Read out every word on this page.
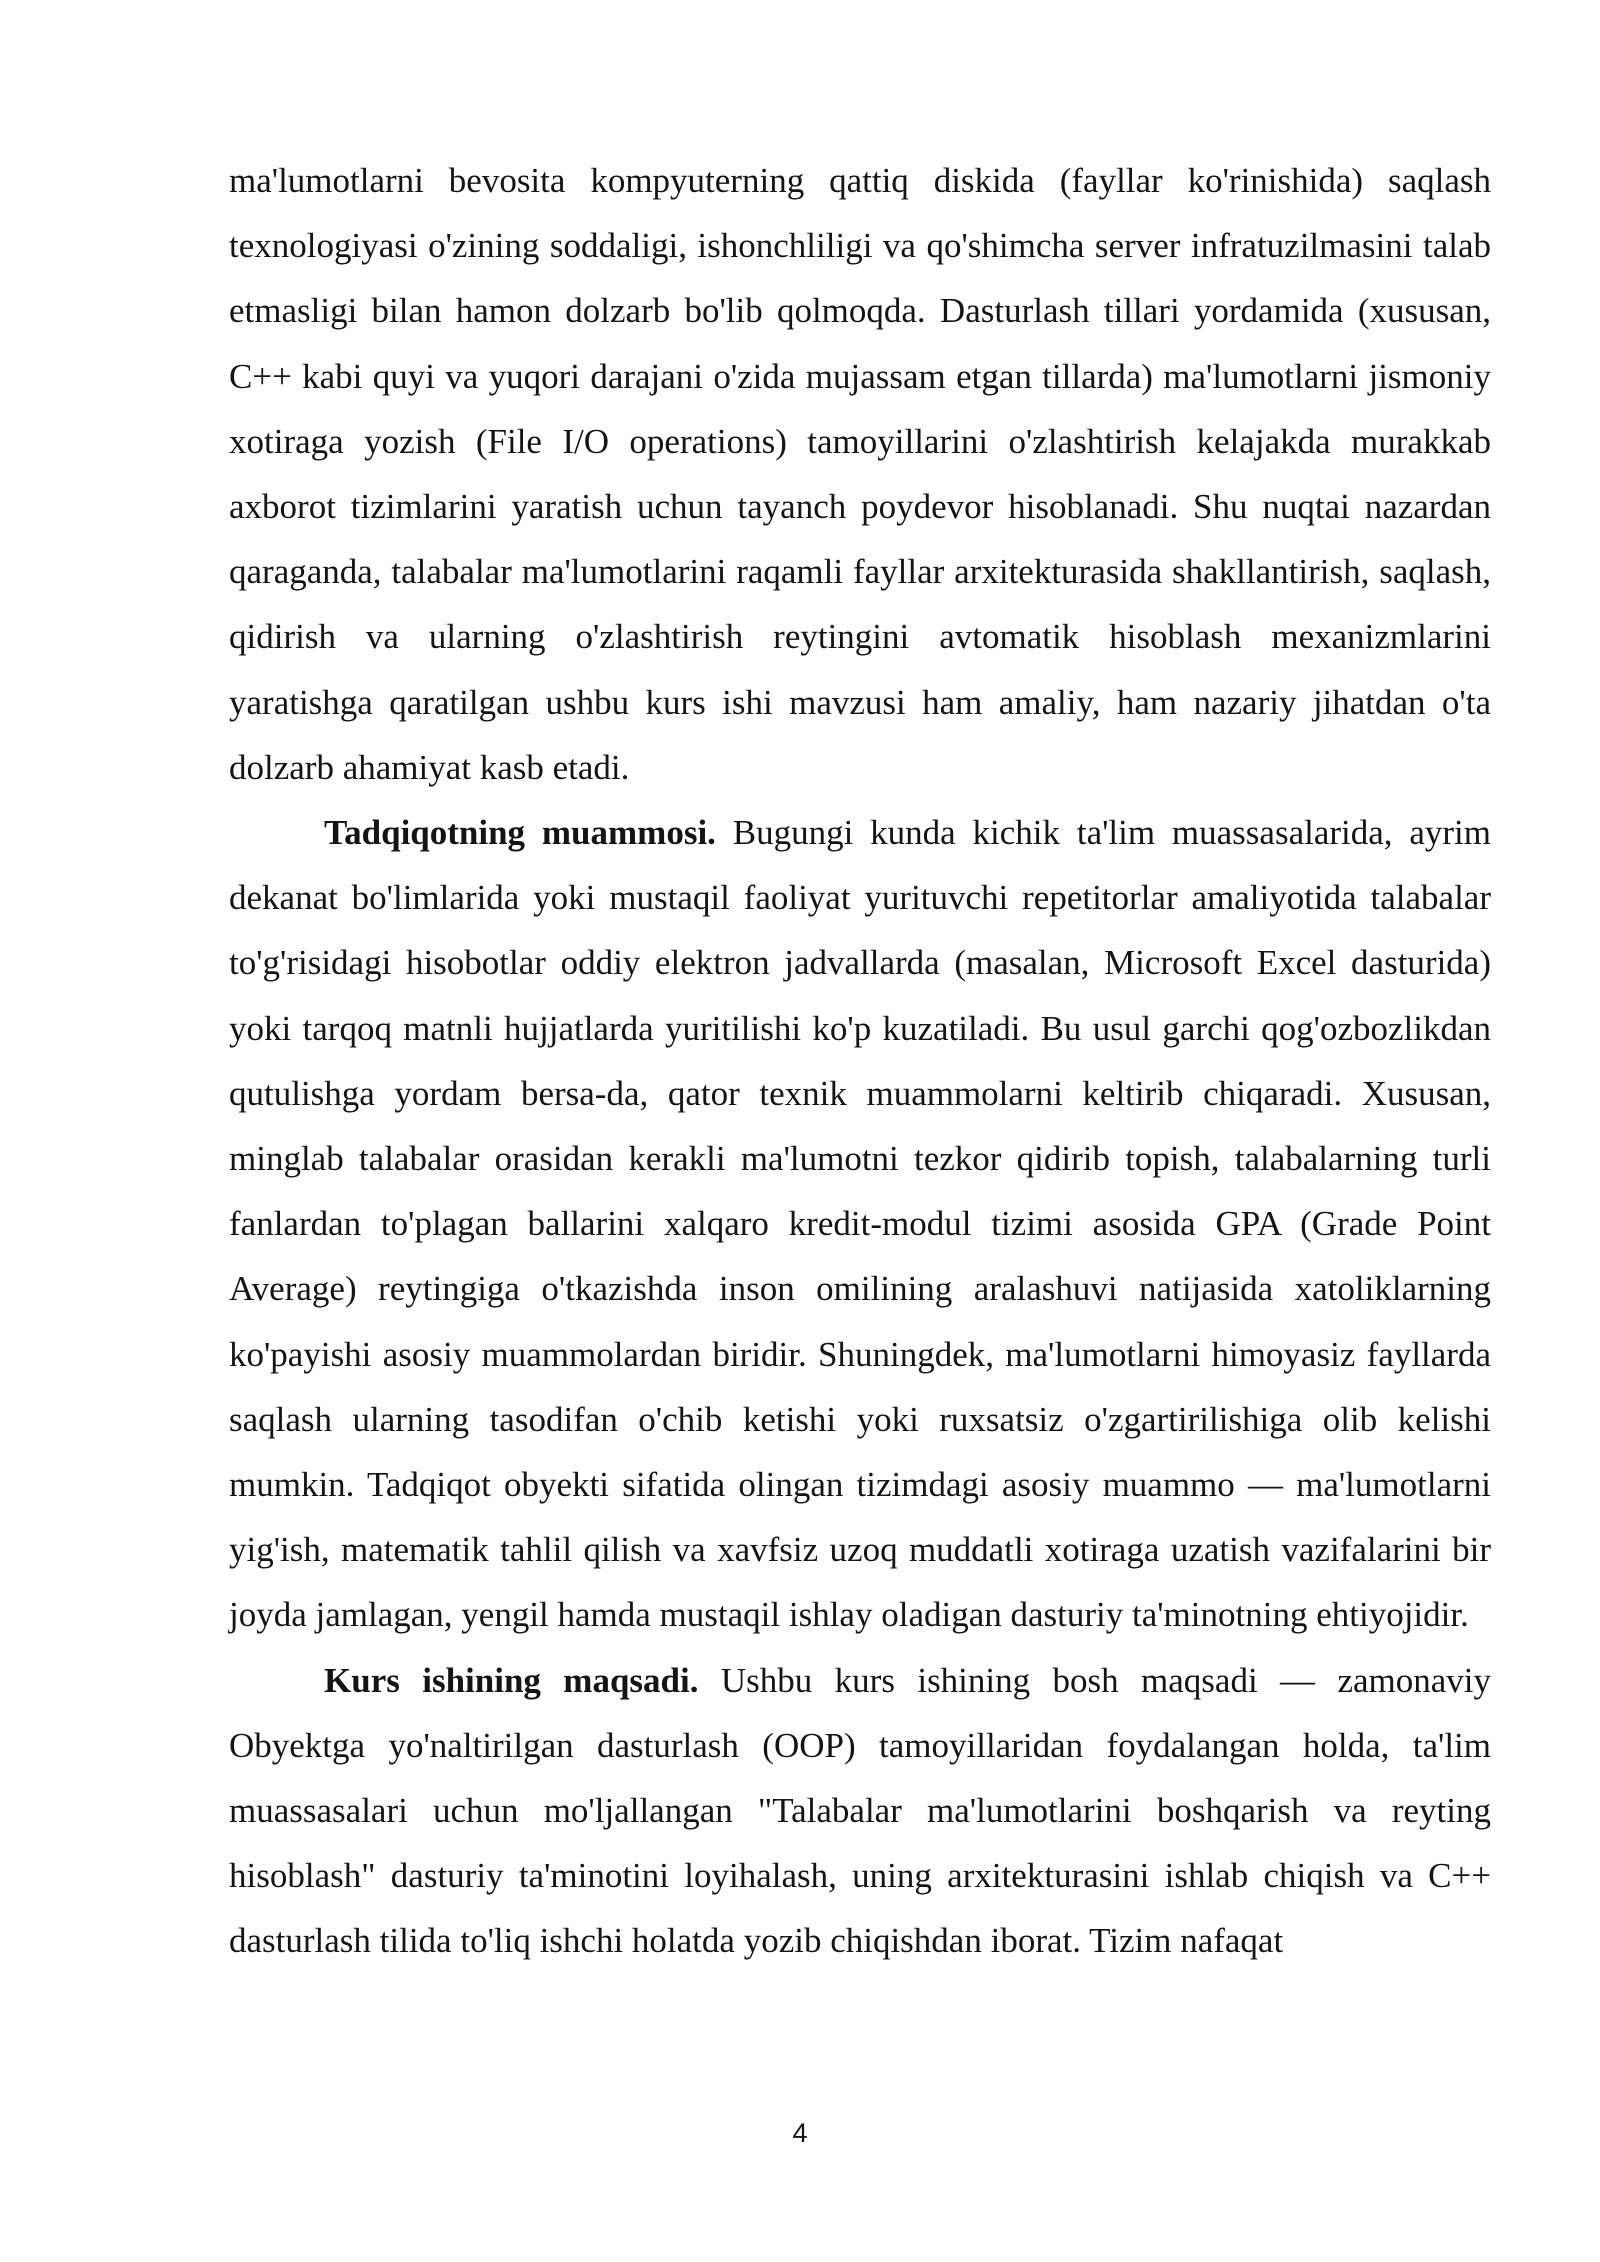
ma'lumotlarni bevosita kompyuterning qattiq diskida (fayllar ko'rinishida) saqlash texnologiyasi o'zining soddaligi, ishonchliligi va qo'shimcha server infratuzilmasini talab etmasligi bilan hamon dolzarb bo'lib qolmoqda. Dasturlash tillari yordamida (xususan, C++ kabi quyi va yuqori darajani o'zida mujassam etgan tillarda) ma'lumotlarni jismoniy xotiraga yozish (File I/O operations) tamoyillarini o'zlashtirish kelajakda murakkab axborot tizimlarini yaratish uchun tayanch poydevor hisoblanadi. Shu nuqtai nazardan qaraganda, talabalar ma'lumotlarini raqamli fayllar arxitekturasida shakllantirish, saqlash, qidirish va ularning o'zlashtirish reytingini avtomatik hisoblash mexanizmlarini yaratishga qaratilgan ushbu kurs ishi mavzusi ham amaliy, ham nazariy jihatdan o'ta dolzarb ahamiyat kasb etadi.

Tadqiqotning muammosi. Bugungi kunda kichik ta'lim muassasalarida, ayrim dekanat bo'limlarida yoki mustaqil faoliyat yurituvchi repetitorlar amaliyotida talabalar to'g'risidagi hisobotlar oddiy elektron jadvallarda (masalan, Microsoft Excel dasturida) yoki tarqoq matnli hujjatlarda yuritilishi ko'p kuzatiladi. Bu usul garchi qog'ozbozlikdan qutulishga yordam bersa-da, qator texnik muammolarni keltirib chiqaradi. Xususan, minglab talabalar orasidan kerakli ma'lumotni tezkor qidirib topish, talabalarning turli fanlardan to'plagan ballarini xalqaro kredit-modul tizimi asosida GPA (Grade Point Average) reytingiga o'tkazishda inson omilining aralashuvi natijasida xatoliklarning ko'payishi asosiy muammolardan biridir. Shuningdek, ma'lumotlarni himoyasiz fayllarda saqlash ularning tasodifan o'chib ketishi yoki ruxsatsiz o'zgartirilishiga olib kelishi mumkin. Tadqiqot obyekti sifatida olingan tizimdagi asosiy muammo — ma'lumotlarni yig'ish, matematik tahlil qilish va xavfsiz uzoq muddatli xotiraga uzatish vazifalarini bir joyda jamlagan, yengil hamda mustaqil ishlay oladigan dasturiy ta'minotning ehtiyojidir.

Kurs ishining maqsadi. Ushbu kurs ishining bosh maqsadi — zamonaviy Obyektga yo'naltirilgan dasturlash (OOP) tamoyillaridan foydalangan holda, ta'lim muassasalari uchun mo'ljallangan "Talabalar ma'lumotlarini boshqarish va reyting hisoblash" dasturiy ta'minotini loyihalash, uning arxitekturasini ishlab chiqish va C++ dasturlash tilida to'liq ishchi holatda yozib chiqishdan iborat. Tizim nafaqat

4
